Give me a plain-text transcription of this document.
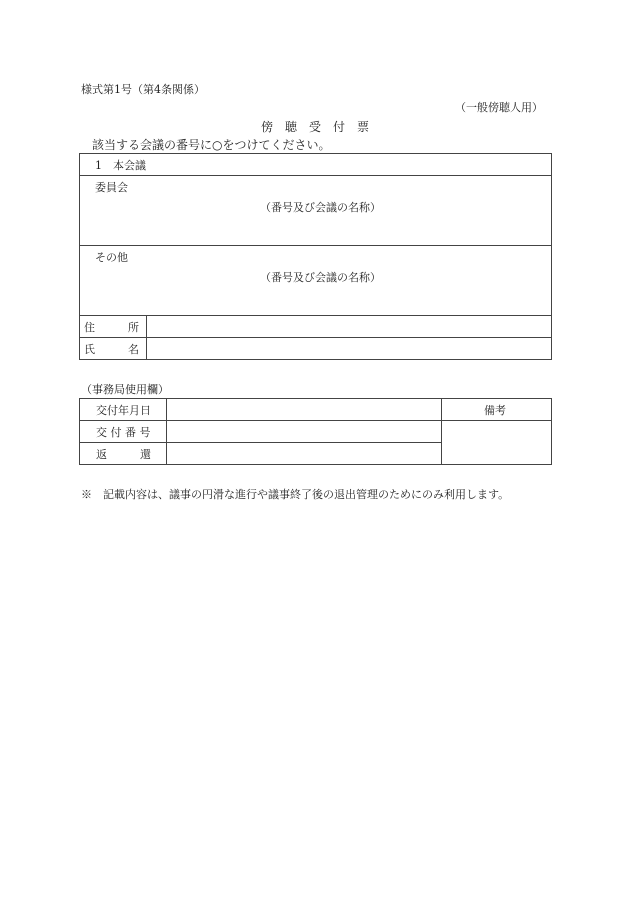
様式第1号（第4条関係）
（一般傍聴人用）
傍　聴　受　付　票
該当する会議の番号に○をつけてください。
1　本会議	

委員会
（番号及び会議の名称）	

その他
（番号及び会議の名称）	

住　　　所	

氏　　　名	

（事務局使用欄）
交付年月日		備考

交 付 番 号		

返　　　還		

※　記載内容は、議事の円滑な進行や議事終了後の退出管理のためにのみ利用します。
